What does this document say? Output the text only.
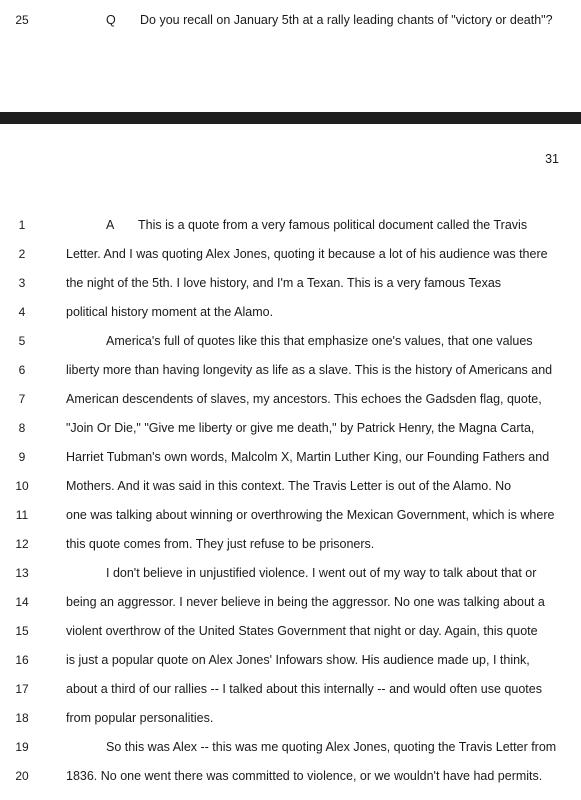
25	Q Do you recall on January 5th at a rally leading chants of "victory or death"?
31
1	A This is a quote from a very famous political document called the Travis
2	Letter. And I was quoting Alex Jones, quoting it because a lot of his audience was there
3	the night of the 5th. I love history, and I'm a Texan. This is a very famous Texas
4	political history moment at the Alamo.
5	America's full of quotes like this that emphasize one's values, that one values
6	liberty more than having longevity as life as a slave. This is the history of Americans and
7	American descendents of slaves, my ancestors. This echoes the Gadsden flag, quote,
8	"Join Or Die," "Give me liberty or give me death," by Patrick Henry, the Magna Carta,
9	Harriet Tubman's own words, Malcolm X, Martin Luther King, our Founding Fathers and
10	Mothers. And it was said in this context. The Travis Letter is out of the Alamo. No
11	one was talking about winning or overthrowing the Mexican Government, which is where
12	this quote comes from. They just refuse to be prisoners.
13	I don't believe in unjustified violence. I went out of my way to talk about that or
14	being an aggressor. I never believe in being the aggressor. No one was talking about a
15	violent overthrow of the United States Government that night or day. Again, this quote
16	is just a popular quote on Alex Jones' Infowars show. His audience made up, I think,
17	about a third of our rallies -- I talked about this internally -- and would often use quotes
18	from popular personalities.
19	So this was Alex -- this was me quoting Alex Jones, quoting the Travis Letter from
20	1836. No one went there was committed to violence, or we wouldn't have had permits.
